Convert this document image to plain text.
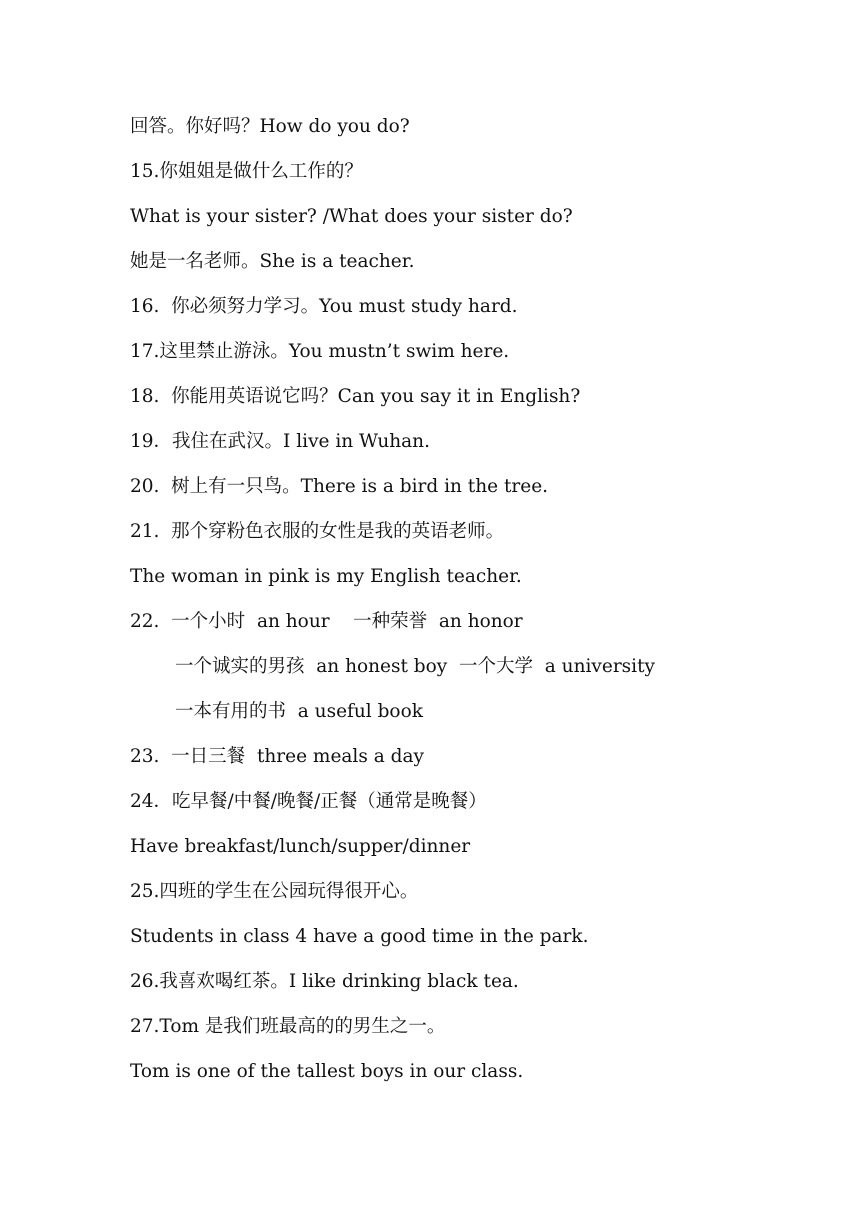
回答。你好吗？How do you do?
15.你姐姐是做什么工作的？
What is your sister? /What does your sister do?
她是一名老师。She is a teacher.
16.  你必须努力学习。You must study hard.
17.这里禁止游泳。You mustn’t swim here.
18.  你能用英语说它吗？Can you say it in English?
19．我住在武汉。I live in Wuhan.
20.  树上有一只鸟。There is a bird in the tree.
21.  那个穿粉色衣服的女性是我的英语老师。
The woman in pink is my English teacher.
22.  一个小时  an hour    一种荣誉  an honor
一个诚实的男孩  an honest boy  一个大学  a university
一本有用的书  a useful book
23.  一日三餐  three meals a day
24．吃早餐/中餐/晚餐/正餐（通常是晚餐）
Have breakfast/lunch/supper/dinner
25.四班的学生在公园玩得很开心。
Students in class 4 have a good time in the park.
26.我喜欢喝红茶。I like drinking black tea.
27.Tom 是我们班最高的的男生之一。
Tom is one of the tallest boys in our class.
